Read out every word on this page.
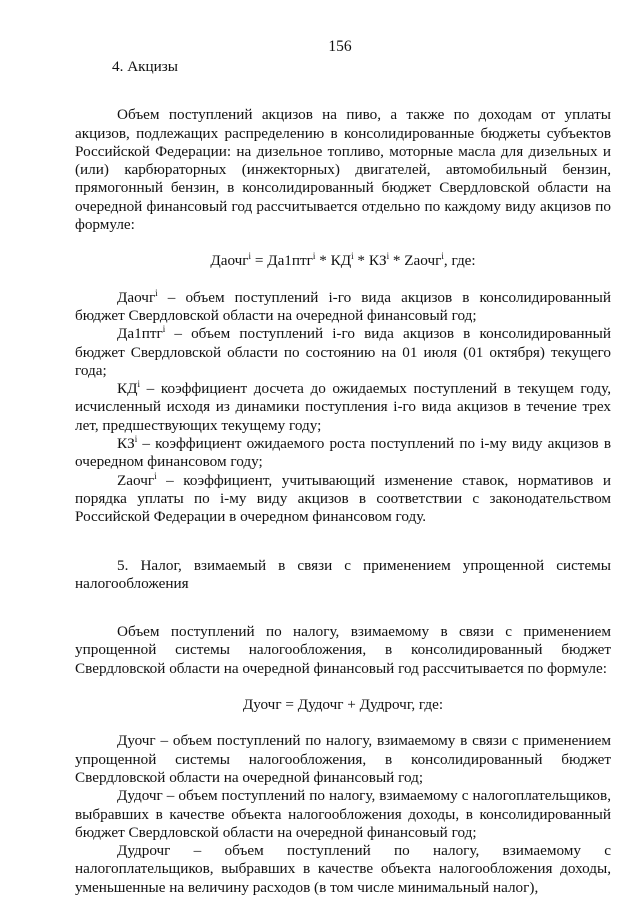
156

4. Акцизы

Объем поступлений акцизов на пиво, а также по доходам от уплаты акцизов, подлежащих распределению в консолидированные бюджеты субъектов Российской Федерации: на дизельное топливо, моторные масла для дизельных и (или) карбюраторных (инжекторных) двигателей, автомобильный бензин, прямогонный бензин, в консолидированный бюджет Свердловской области на очередной финансовый год рассчитывается отдельно по каждому виду акцизов по формуле:

Даочг$^i$ = $Да1птг^i * КД^i * КЗ^i$ * Zаочг$^i$, где:

Даочг$^i$ – объем поступлений i-го вида акцизов в консолидированный бюджет Свердловской области на очередной финансовый год;

Да1птг$^i$ – объем поступлений i-го вида акцизов в консолидированный бюджет Свердловской области по состоянию на 01 июля (01 октября) текущего года;

$КД^i$ – коэффициент досчета до ожидаемых поступлений в текущем году, исчисленный исходя из динамики поступления i-го вида акцизов в течение трех лет, предшествующих текущему году;

$КЗ^i$ – коэффициент ожидаемого роста поступлений по i-му виду акцизов в очередном финансовом году;

Zаочг$^i$ – коэффициент, учитывающий изменение ставок, нормативов и порядка уплаты по i-му виду акцизов в соответствии с законодательством Российской Федерации в очередном финансовом году.

5. Налог, взимаемый в связи с применением упрощенной системы налогообложения

Объем поступлений по налогу, взимаемому в связи с применением упрощенной системы налогообложения, в консолидированный бюджет Свердловской области на очередной финансовый год рассчитывается по формуле:

Дуочг = Дудочг + Дудрочг, где:

Дуочг – объем поступлений по налогу, взимаемому в связи с применением упрощенной системы налогообложения, в консолидированный бюджет Свердловской области на очередной финансовый год;

Дудочг – объем поступлений по налогу, взимаемому с налогоплательщиков, выбравших в качестве объекта налогообложения доходы, в консолидированный бюджет Свердловской области на очередной финансовый год;

Дудрочг – объем поступлений по налогу, взимаемому с налогоплательщиков, выбравших в качестве объекта налогообложения доходы, уменьшенные на величину расходов (в том числе минимальный налог),
